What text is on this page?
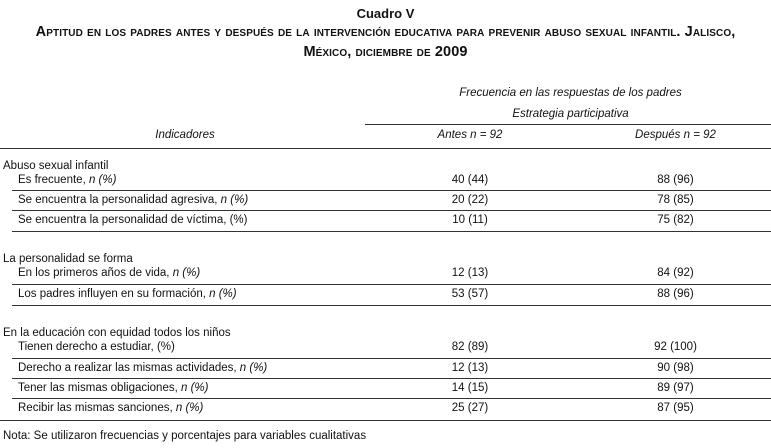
Cuadro V
Aptitud en los padres antes y después de la intervención educativa para prevenir abuso sexual infantil. Jalisco,
México, diciembre de 2009
Frecuencia en las respuestas de los padres
Estrategia participativa
Indicadores	Antes n = 92	Después n = 92
Abuso sexual infantil
Es frecuente, n (%)	40 (44)	88 (96)
Se encuentra la personalidad agresiva, n (%)	20 (22)	78 (85)
Se encuentra la personalidad de víctima, (%)	10 (11)	75 (82)
La personalidad se forma
En los primeros años de vida, n (%)	12 (13)	84 (92)
Los padres influyen en su formación, n (%)	53 (57)	88 (96)
En la educación con equidad todos los niños
Tienen derecho a estudiar, (%)	82 (89)	92 (100)
Derecho a realizar las mismas actividades, n (%)	12 (13)	90 (98)
Tener las mismas obligaciones, n (%)	14 (15)	89 (97)
Recibir las mismas sanciones, n (%)	25 (27)	87 (95)
Nota: Se utilizaron frecuencias y porcentajes para variables cualitativas
